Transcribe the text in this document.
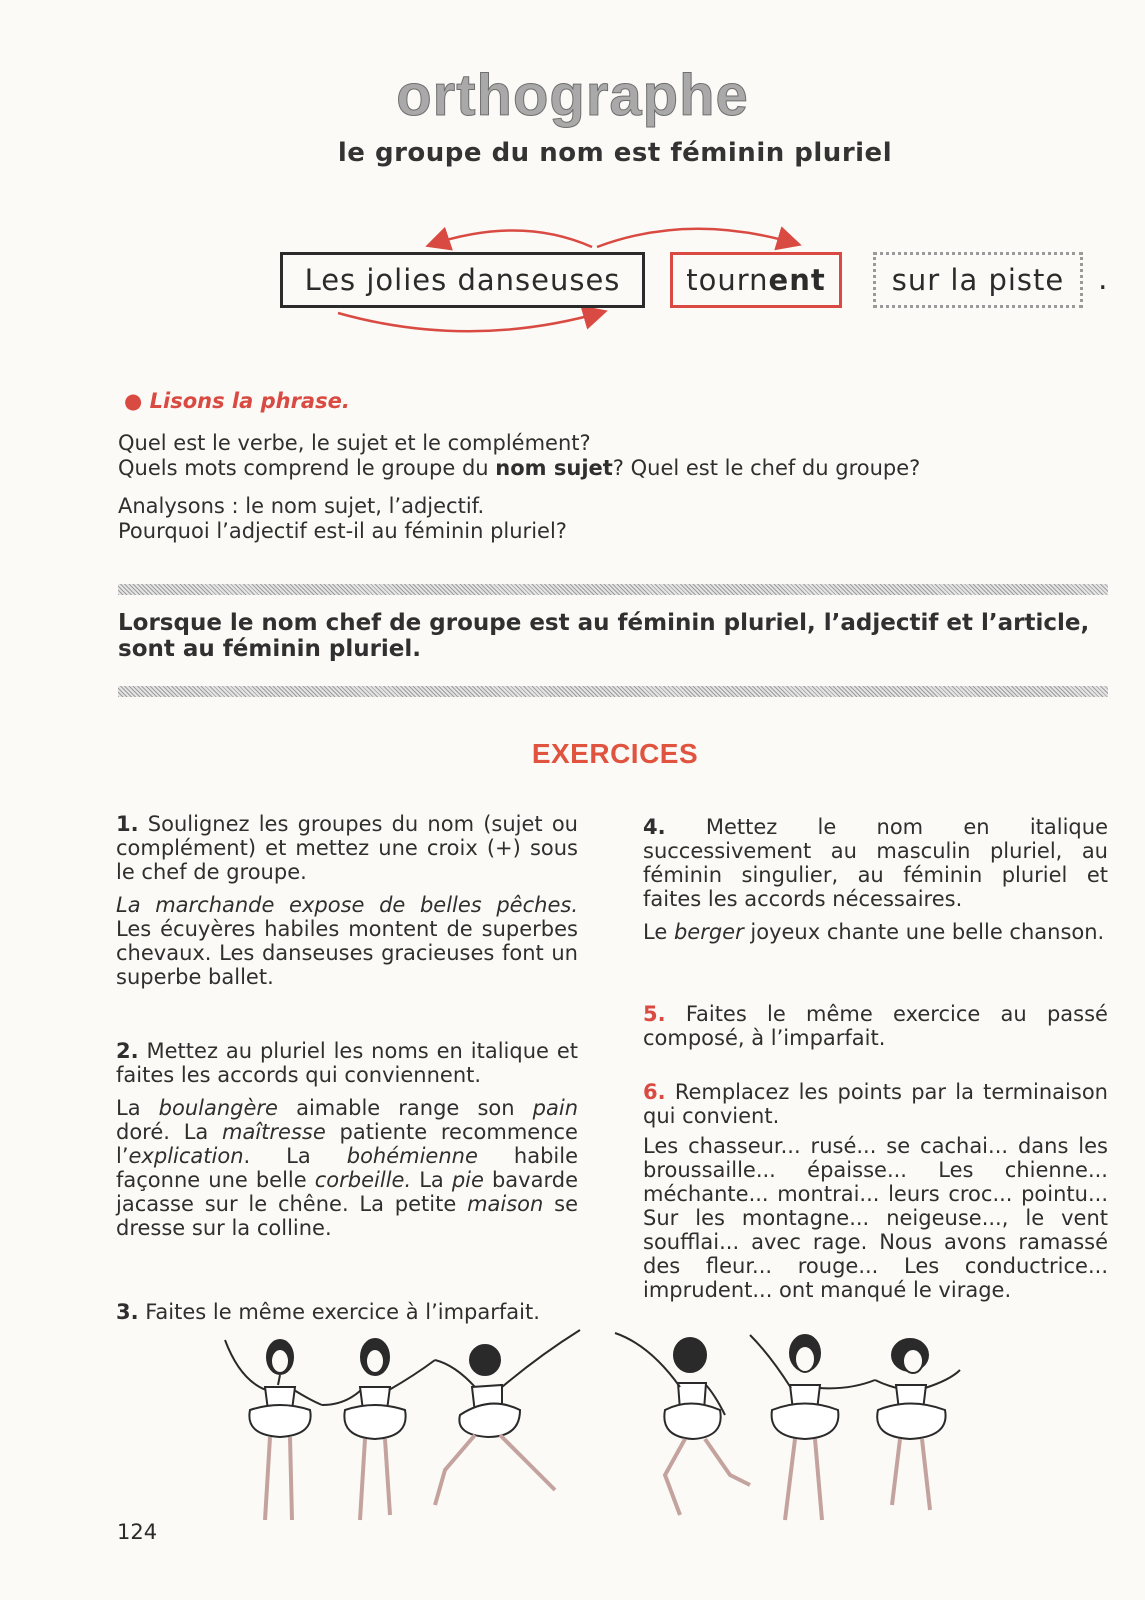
orthographe
le groupe du nom est féminin pluriel
Les jolies danseuses	tourn ent	sur la piste	.
● Lisons la phrase.
Quel est le verbe, le sujet et le complément?
Quels mots comprend le groupe du nom sujet? Quel est le chef du groupe?
Analysons : le nom sujet, l’adjectif.
Pourquoi l’adjectif est-il au féminin pluriel?
Lorsque le nom chef de groupe est au féminin pluriel, l’adjectif et l’article, sont au féminin pluriel.
EXERCICES

1. Soulignez les groupes du nom (sujet ou complément) et mettez une croix (+) sous le chef de groupe.

La marchande expose de belles pêches. Les écuyères habiles montent de superbes chevaux. Les danseuses gracieuses font un superbe ballet.

2. Mettez au pluriel les noms en italique et faites les accords qui conviennent.

La boulangère aimable range son pain doré. La maîtresse patiente recommence l’explication. La bohémienne habile façonne une belle corbeille. La pie bavarde jacasse sur le chêne. La petite maison se dresse sur la colline.

3. Faites le même exercice à l’imparfait.

4. Mettez le nom en italique successivement au masculin pluriel, au féminin singulier, au féminin pluriel et faites les accords nécessaires.

Le berger joyeux chante une belle chanson.

5. Faites le même exercice au passé composé, à l’imparfait.

6. Remplacez les points par la terminaison qui convient.

Les chasseur... rusé... se cachai... dans les broussaille... épaisse... Les chienne... méchante... montrai... leurs croc... pointu... Sur les montagne... neigeuse..., le vent soufflai... avec rage. Nous avons ramassé des fleur... rouge... Les conductrice... imprudent... ont manqué le virage.

124
